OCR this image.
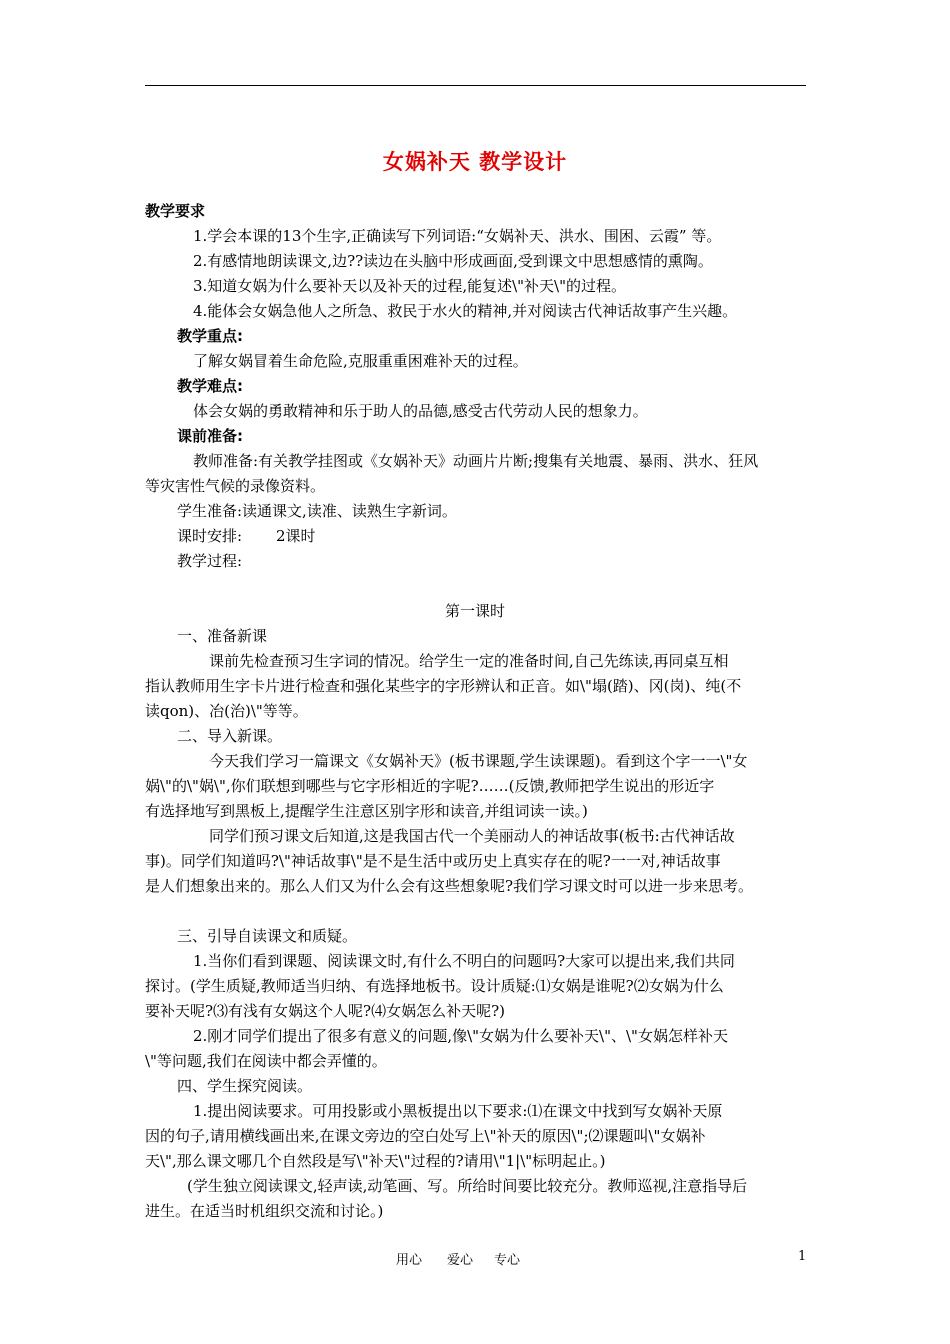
女娲补天 教学设计
教学要求
1.学会本课的13个生字,正确读写下列词语:“女娲补天、洪水、围困、云霞” 等。
2.有感情地朗读课文,边??读边在头脑中形成画面,受到课文中思想感情的熏陶。
3.知道女娲为什么要补天以及补天的过程,能复述\"补天\"的过程。
4.能体会女娲急他人之所急、救民于水火的精神,并对阅读古代神话故事产生兴趣。
教学重点:
了解女娲冒着生命危险,克服重重困难补天的过程。
教学难点:
体会女娲的勇敢精神和乐于助人的品德,感受古代劳动人民的想象力。
课前准备:
教师准备:有关教学挂图或《女娲补天》动画片片断;搜集有关地震、暴雨、洪水、狂风
等灾害性气候的录像资料。
学生准备:读通课文,读准、读熟生字新词。
课时安排: 2课时
教学过程:
第一课时
一、准备新课
课前先检查预习生字词的情况。给学生一定的准备时间,自己先练读,再同桌互相
指认教师用生字卡片进行检查和强化某些字的字形辨认和正音。如\"塌(踏)、冈(岗)、纯(不
读qon)、冶(治)\"等等。
二、导入新课。
今天我们学习一篇课文《女娲补天》(板书课题,学生读课题)。看到这个字一一\"女
娲\"的\"娲\",你们联想到哪些与它字形相近的字呢?……(反馈,教师把学生说出的形近字
有选择地写到黑板上,提醒学生注意区别字形和读音,并组词读一读。)
同学们预习课文后知道,这是我国古代一个美丽动人的神话故事(板书:古代神话故
事)。同学们知道吗?\"神话故事\"是不是生活中或历史上真实存在的呢?一一对,神话故事
是人们想象出来的。那么人们又为什么会有这些想象呢?我们学习课文时可以进一步来思考。
三、引导自读课文和质疑。
1.当你们看到课题、阅读课文时,有什么不明白的问题吗?大家可以提出来,我们共同
探讨。(学生质疑,教师适当归纳、有选择地板书。设计质疑:⑴女娲是谁呢?⑵女娲为什么
要补天呢?⑶有浅有女娲这个人呢?⑷女娲怎么补天呢?)
2.刚才同学们提出了很多有意义的问题,像\"女娲为什么要补天\"、\"女娲怎样补天
\"等问题,我们在阅读中都会弄懂的。
四、学生探究阅读。
1.提出阅读要求。可用投影或小黑板提出以下要求:⑴在课文中找到写女娲补天原
因的句子,请用横线画出来,在课文旁边的空白处写上\"补天的原因\";⑵课题叫\"女娲补
天\",那么课文哪几个自然段是写\"补天\"过程的?请用\"1|\"标明起止。)
(学生独立阅读课文,轻声读,动笔画、写。所给时间要比较充分。教师巡视,注意指导后
进生。在适当时机组织交流和讨论。)
用心 爱心 专心	1
